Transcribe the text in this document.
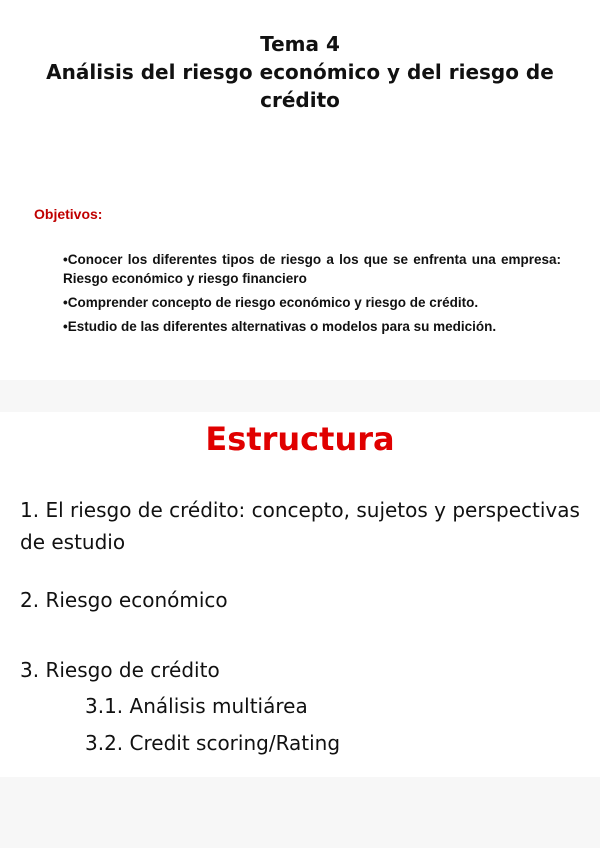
Tema 4
Análisis del riesgo económico y del riesgo de crédito
Objetivos:
•Conocer los diferentes tipos de riesgo a los que se enfrenta una empresa: Riesgo económico y riesgo financiero
•Comprender concepto de riesgo económico y riesgo de crédito.
•Estudio de las diferentes alternativas o modelos para su medición.
Estructura
1. El riesgo de crédito: concepto, sujetos y perspectivas de estudio
2. Riesgo económico
3. Riesgo de crédito
3.1. Análisis multiárea
3.2. Credit scoring/Rating
